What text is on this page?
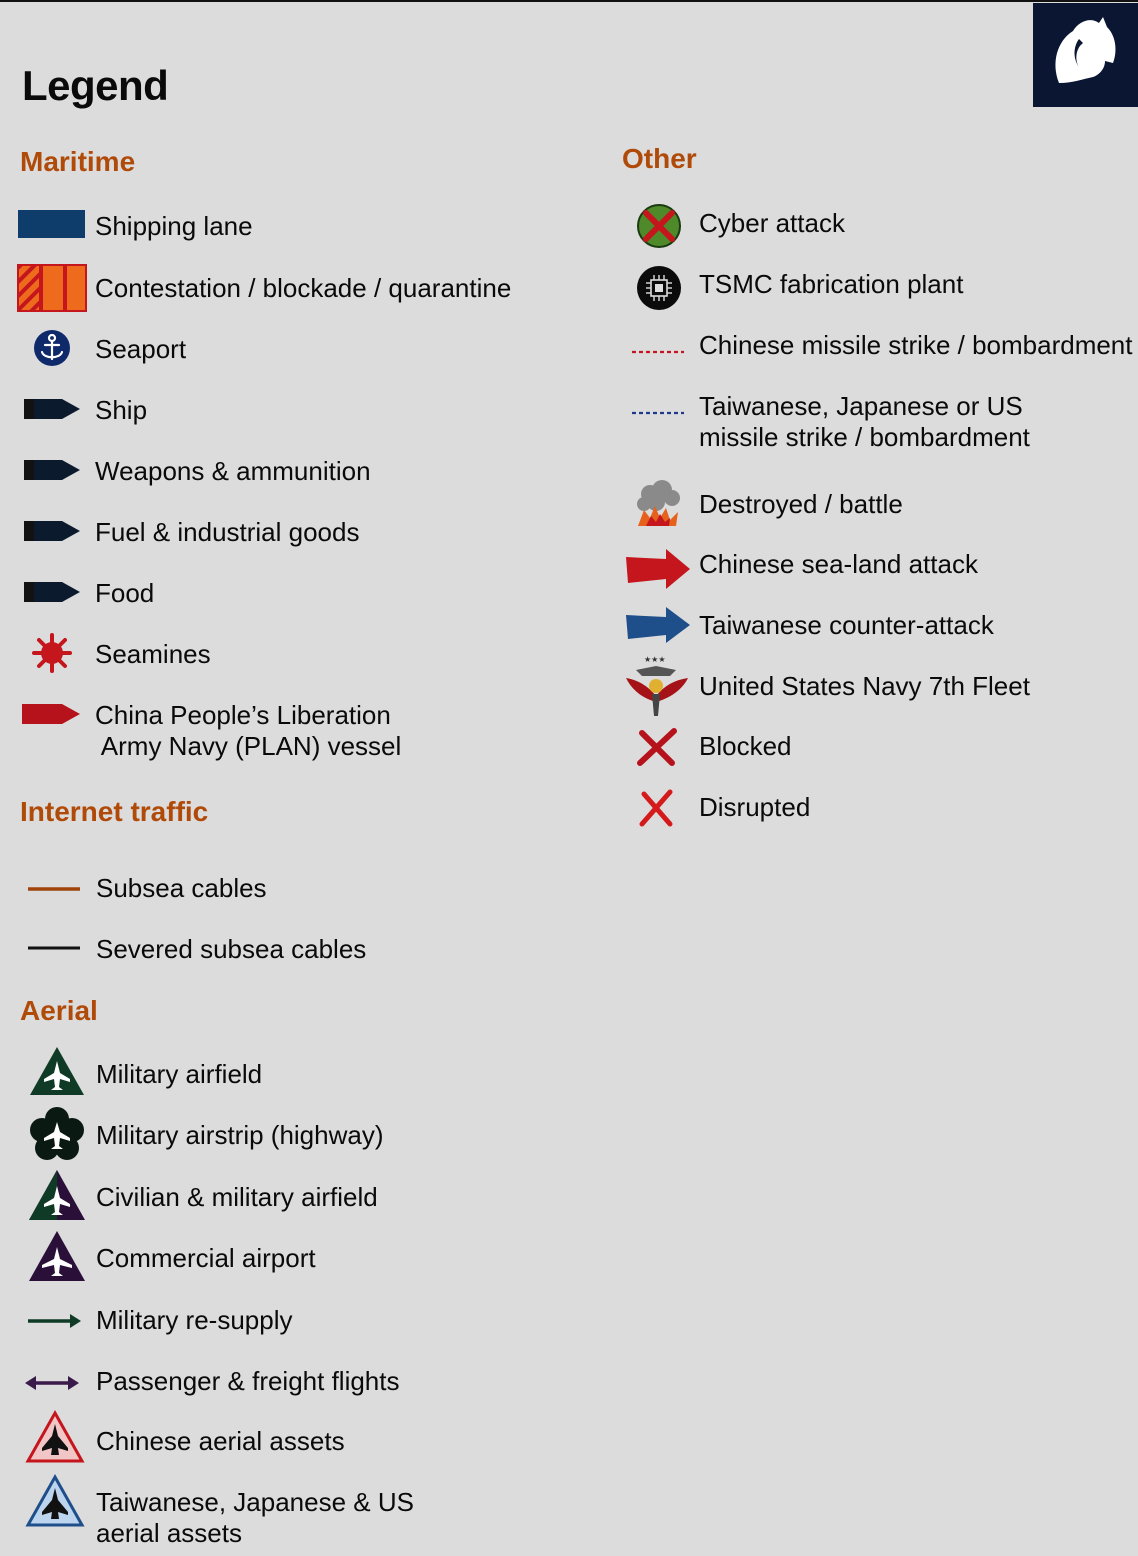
Legend
Maritime
Shipping lane
Contestation / blockade / quarantine
Seaport
Ship
Weapons & ammunition
Fuel & industrial goods
Food
Seamines
China People’s Liberation
Army Navy (PLAN) vessel
Internet traffic
Subsea cables
Severed subsea cables
Aerial
Military airfield
Military airstrip (highway)
Civilian & military airfield
Commercial airport
Military re-supply
Passenger & freight flights
Chinese aerial assets
Taiwanese, Japanese & US
aerial assets
Other
Cyber attack
TSMC fabrication plant
Chinese missile strike / bombardment
Taiwanese, Japanese or US
missile strike / bombardment
Destroyed / battle
Chinese sea-land attack
Taiwanese counter-attack
★★★
United States Navy 7th Fleet
Blocked
Disrupted
